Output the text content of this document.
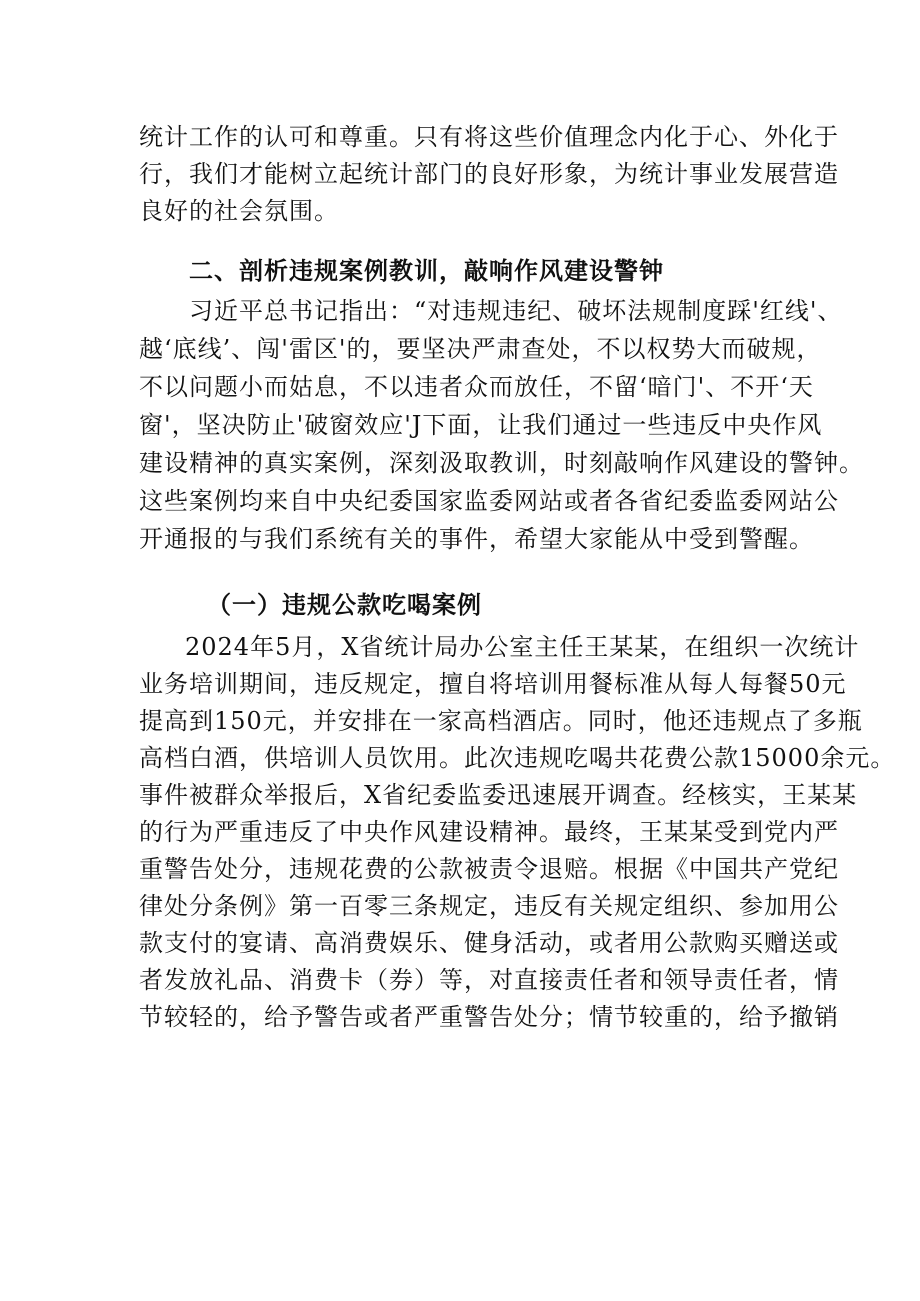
统计工作的认可和尊重。只有将这些价值理念内化于心、外化于
行，我们才能树立起统计部门的良好形象，为统计事业发展营造
良好的社会氛围。
二、剖析违规案例教训，敲响作风建设警钟
习近平总书记指出：“对违规违纪、破坏法规制度踩'红线'、
越‘底线’、闯'雷区'的，要坚决严肃查处，不以权势大而破规，
不以问题小而姑息，不以违者众而放任，不留‘暗门'、不开‘天
窗'，坚决防止'破窗效应'J下面，让我们通过一些违反中央作风
建设精神的真实案例，深刻汲取教训，时刻敲响作风建设的警钟。
这些案例均来自中央纪委国家监委网站或者各省纪委监委网站公
开通报的与我们系统有关的事件，希望大家能从中受到警醒。
（一）违规公款吃喝案例
2024年5月，X省统计局办公室主任王某某，在组织一次统计
业务培训期间，违反规定，擅自将培训用餐标准从每人每餐50元
提高到150元，并安排在一家高档酒店。同时，他还违规点了多瓶
高档白酒，供培训人员饮用。此次违规吃喝共花费公款15000余元。
事件被群众举报后，X省纪委监委迅速展开调查。经核实，王某某
的行为严重违反了中央作风建设精神。最终，王某某受到党内严
重警告处分，违规花费的公款被责令退赔。根据《中国共产党纪
律处分条例》第一百零三条规定，违反有关规定组织、参加用公
款支付的宴请、高消费娱乐、健身活动，或者用公款购买赠送或
者发放礼品、消费卡（券）等，对直接责任者和领导责任者，情
节较轻的，给予警告或者严重警告处分；情节较重的，给予撤销
